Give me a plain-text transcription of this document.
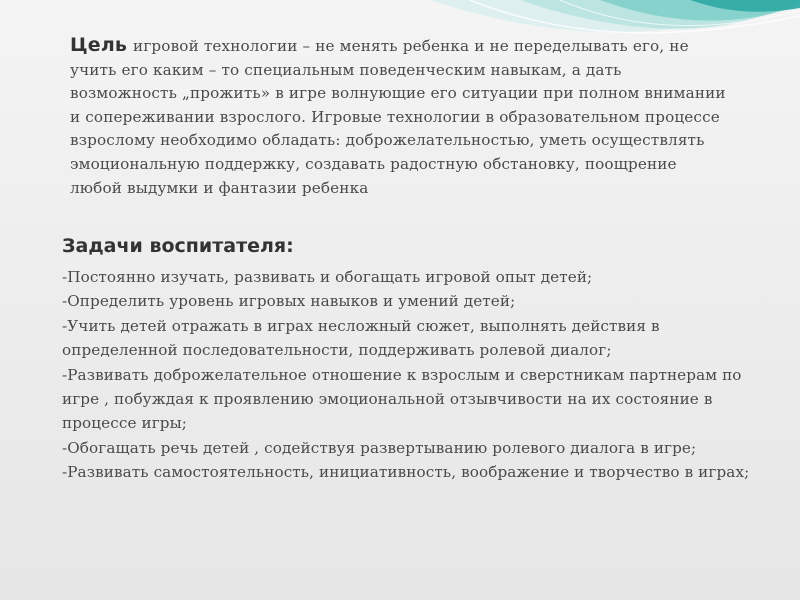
Цель игровой технологии – не менять ребенка и не переделывать его, не учить его каким – то специальным поведенческим навыкам, а дать возможность „прожить» в игре волнующие его ситуации при полном внимании и сопереживании взрослого. Игровые технологии в образовательном процессе взрослому необходимо обладать: доброжелательностью, уметь осуществлять эмоциональную поддержку, создавать радостную обстановку, поощрение любой выдумки и фантазии ребенка
Задачи воспитателя:
-Постоянно изучать, развивать и обогащать игровой опыт детей;
-Определить уровень игровых навыков и умений детей;
-Учить детей отражать в играх несложный сюжет, выполнять действия в определенной последовательности, поддерживать ролевой диалог;
-Развивать доброжелательное отношение к взрослым и сверстникам партнерам по игре , побуждая к проявлению эмоциональной отзывчивости на их состояние в процессе игры;
-Обогащать речь детей , содействуя развертыванию ролевого диалога в игре;
-Развивать самостоятельность, инициативность, воображение и творчество в играх;
